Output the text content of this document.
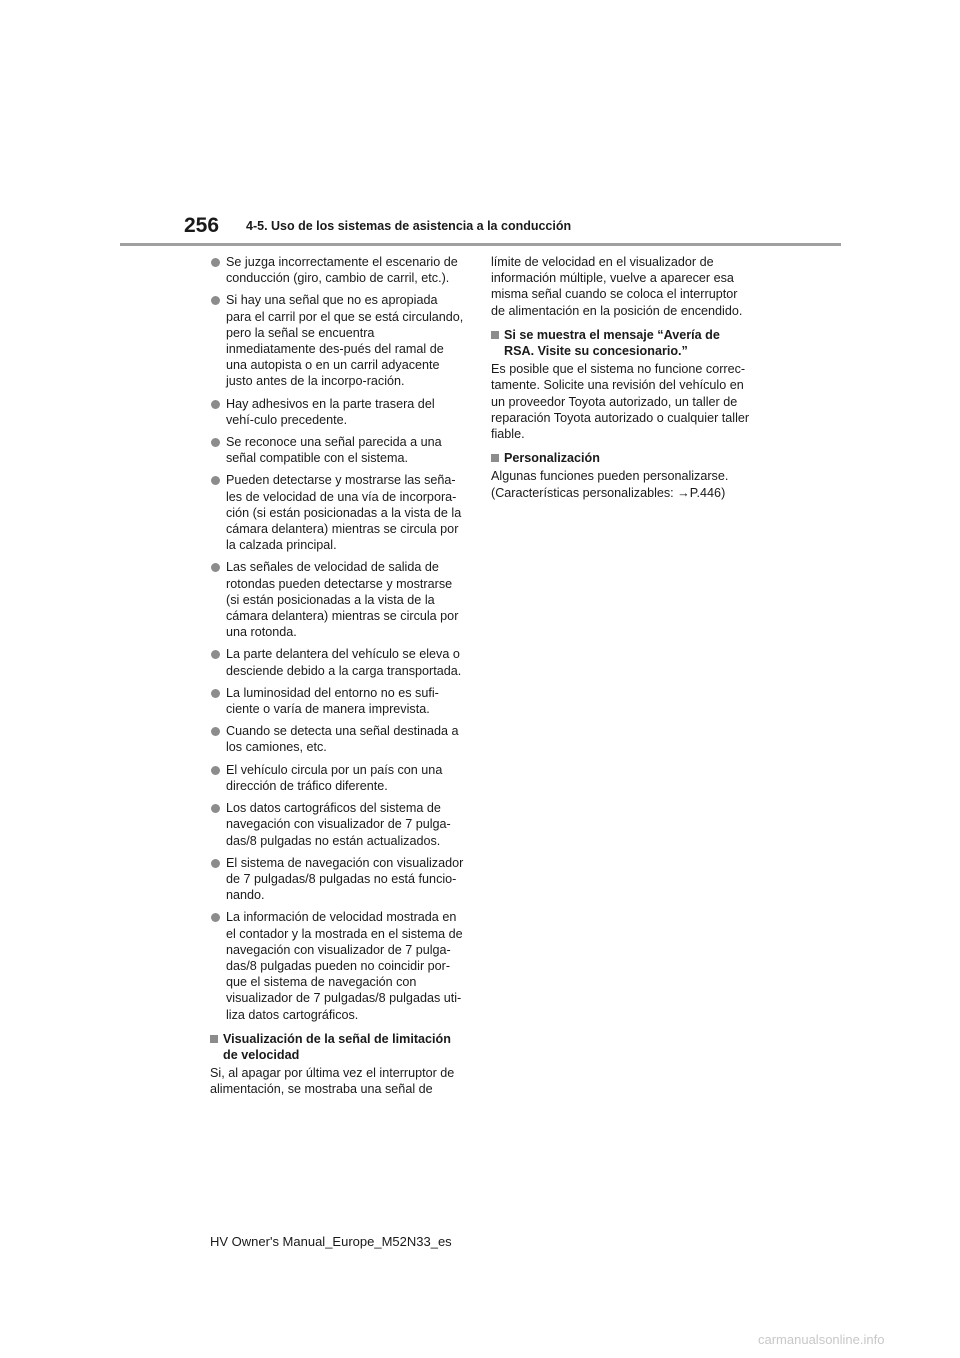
256 4-5. Uso de los sistemas de asistencia a la conducción
Se juzga incorrectamente el escenario de conducción (giro, cambio de carril, etc.).
Si hay una señal que no es apropiada para el carril por el que se está circulando, pero la señal se encuentra inmediatamente des-pués del ramal de una autopista o en un carril adyacente justo antes de la incorpo-ración.
Hay adhesivos en la parte trasera del vehí-culo precedente.
Se reconoce una señal parecida a una señal compatible con el sistema.
Pueden detectarse y mostrarse las seña-les de velocidad de una vía de incorpora-ción (si están posicionadas a la vista de la cámara delantera) mientras se circula por la calzada principal.
Las señales de velocidad de salida de rotondas pueden detectarse y mostrarse (si están posicionadas a la vista de la cámara delantera) mientras se circula por una rotonda.
La parte delantera del vehículo se eleva o desciende debido a la carga transportada.
La luminosidad del entorno no es sufi-ciente o varía de manera imprevista.
Cuando se detecta una señal destinada a los camiones, etc.
El vehículo circula por un país con una dirección de tráfico diferente.
Los datos cartográficos del sistema de navegación con visualizador de 7 pulga-das/8 pulgadas no están actualizados.
El sistema de navegación con visualizador de 7 pulgadas/8 pulgadas no está funcio-nando.
La información de velocidad mostrada en el contador y la mostrada en el sistema de navegación con visualizador de 7 pulga-das/8 pulgadas pueden no coincidir por-que el sistema de navegación con visualizador de 7 pulgadas/8 pulgadas uti-liza datos cartográficos.
Visualización de la señal de limitación de velocidad
Si, al apagar por última vez el interruptor de alimentación, se mostraba una señal de
límite de velocidad en el visualizador de información múltiple, vuelve a aparecer esa misma señal cuando se coloca el interruptor de alimentación en la posición de encendido.
Si se muestra el mensaje “Avería de RSA. Visite su concesionario.”
Es posible que el sistema no funcione correc-tamente. Solicite una revisión del vehículo en un proveedor Toyota autorizado, un taller de reparación Toyota autorizado o cualquier taller fiable.
Personalización
Algunas funciones pueden personalizarse. (Características personalizables: →P.446)
HV Owner's Manual_Europe_M52N33_es
carmanualsonline.info
